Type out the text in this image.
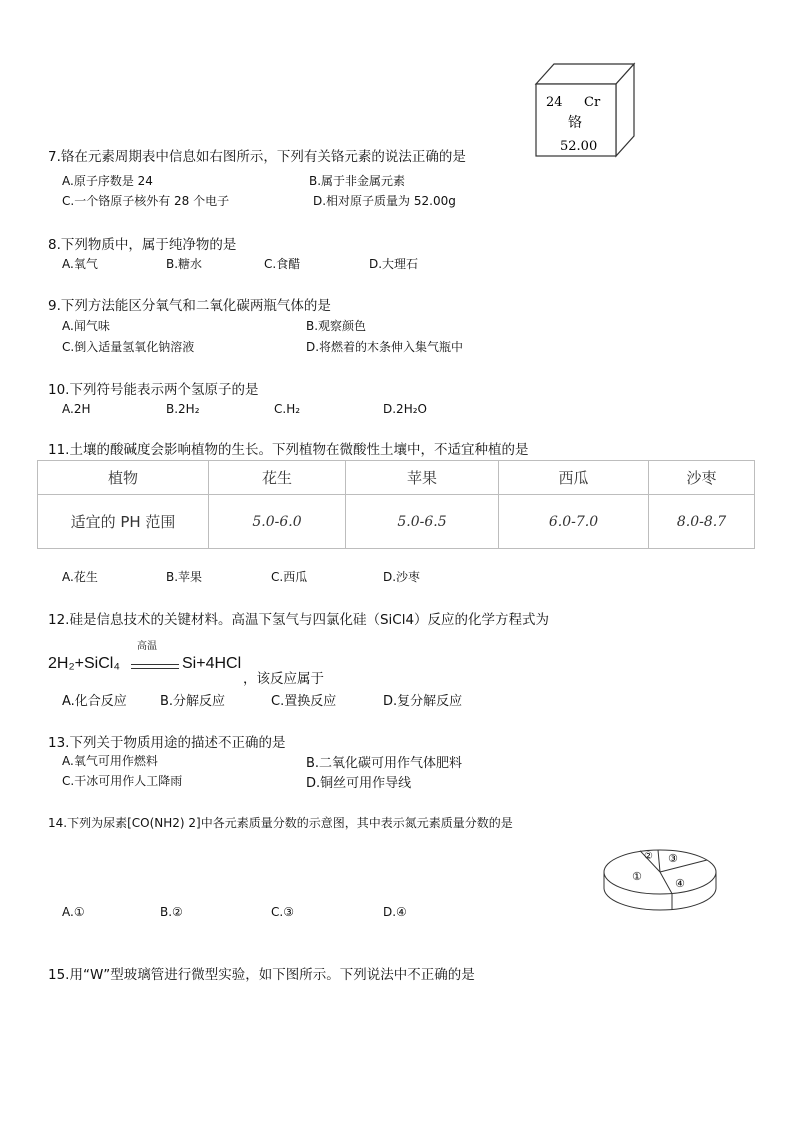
24 Cr
铬
52.00
7.铬在元素周期表中信息如右图所示，下列有关铬元素的说法正确的是
A.原子序数是 24	B.属于非金属元素
C.一个铬原子核外有 28 个电子	D.相对原子质量为 52.00g
8.下列物质中，属于纯净物的是
A.氧气	B.糖水	C.食醋	D.大理石
9.下列方法能区分氧气和二氧化碳两瓶气体的是
A.闻气味	B.观察颜色
C.倒入适量氢氧化钠溶液	D.将燃着的木条伸入集气瓶中
10.下列符号能表示两个氢原子的是
A.2H	B.2H₂	C.H₂	D.2H₂O
11.土壤的酸碱度会影响植物的生长。下列植物在微酸性土壤中，不适宜种植的是
植物	花生	苹果	西瓜	沙枣
适宜的 PH 范围	5.0-6.0	5.0-6.5	6.0-7.0	8.0-8.7
A.花生	B.苹果	C.西瓜	D.沙枣
12.硅是信息技术的关键材料。高温下氢气与四氯化硅（SiCl4）反应的化学方程式为
2H₂+SiCl₄
高温
Si+4HCl
，该反应属于
A.化合反应	B.分解反应	C.置换反应	D.复分解反应
13.下列关于物质用途的描述不正确的是
A.氧气可用作燃料	B.二氧化碳可用作气体肥料
C.干冰可用作人工降雨	D.铜丝可用作导线
14.下列为尿素[CO(NH2) 2]中各元素质量分数的示意图，其中表示氮元素质量分数的是
①
② ③
④
A.①	B.②	C.③	D.④
15.用“W”型玻璃管进行微型实验，如下图所示。下列说法中不正确的是
